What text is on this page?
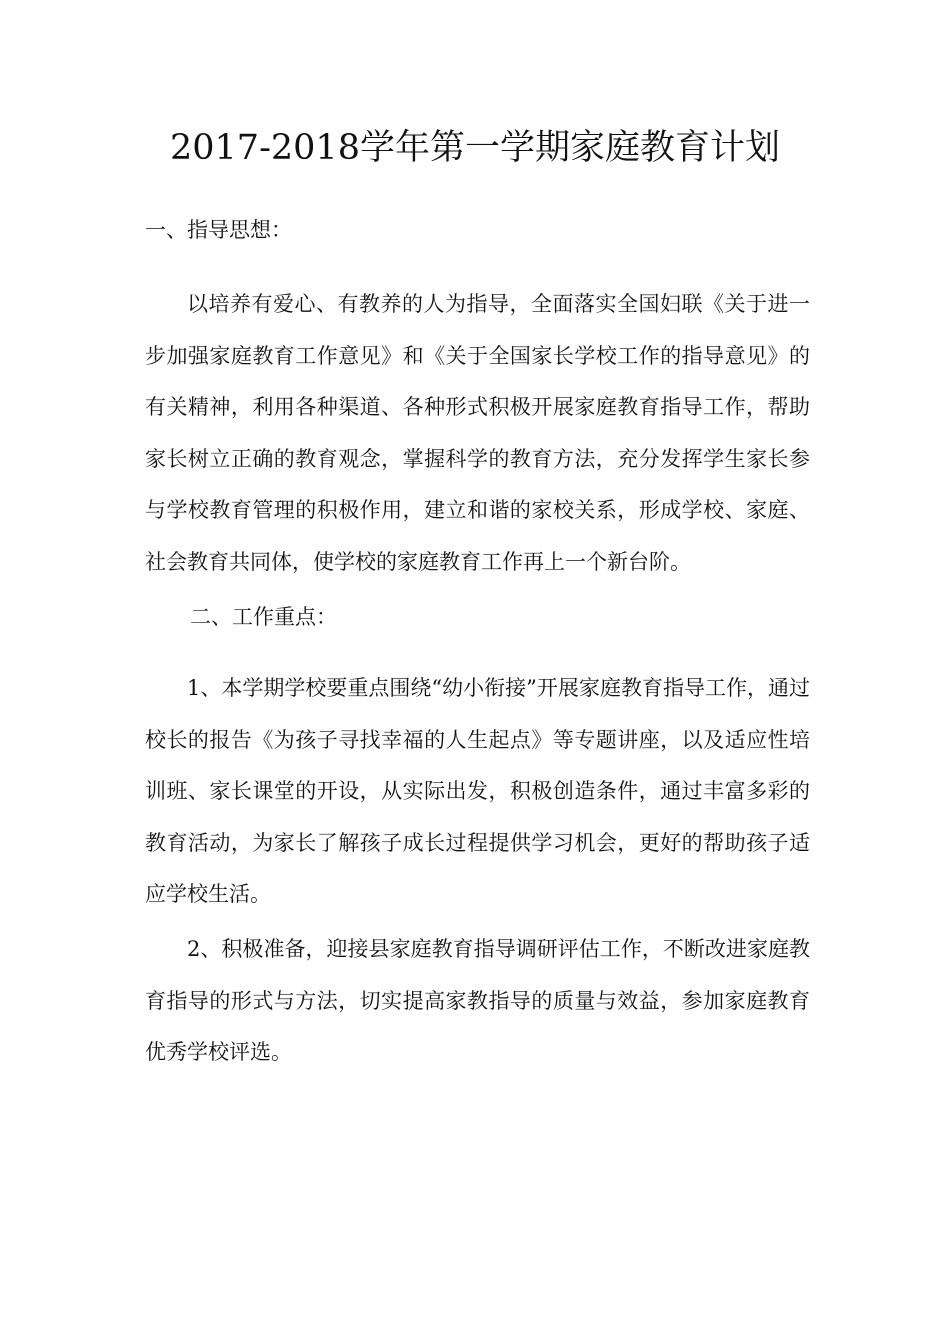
2017-2018学年第一学期家庭教育计划
一、指导思想：
以培养有爱心、有教养的人为指导，全面落实全国妇联《关于进一步加强家庭教育工作意见》和《关于全国家长学校工作的指导意见》的有关精神，利用各种渠道、各种形式积极开展家庭教育指导工作，帮助家长树立正确的教育观念，掌握科学的教育方法，充分发挥学生家长参与学校教育管理的积极作用，建立和谐的家校关系，形成学校、家庭、社会教育共同体，使学校的家庭教育工作再上一个新台阶。
二、工作重点：
1、本学期学校要重点围绕“幼小衔接”开展家庭教育指导工作，通过校长的报告《为孩子寻找幸福的人生起点》等专题讲座，以及适应性培训班、家长课堂的开设，从实际出发，积极创造条件，通过丰富多彩的教育活动，为家长了解孩子成长过程提供学习机会，更好的帮助孩子适应学校生活。
2、积极准备，迎接县家庭教育指导调研评估工作，不断改进家庭教育指导的形式与方法，切实提高家教指导的质量与效益，参加家庭教育优秀学校评选。
